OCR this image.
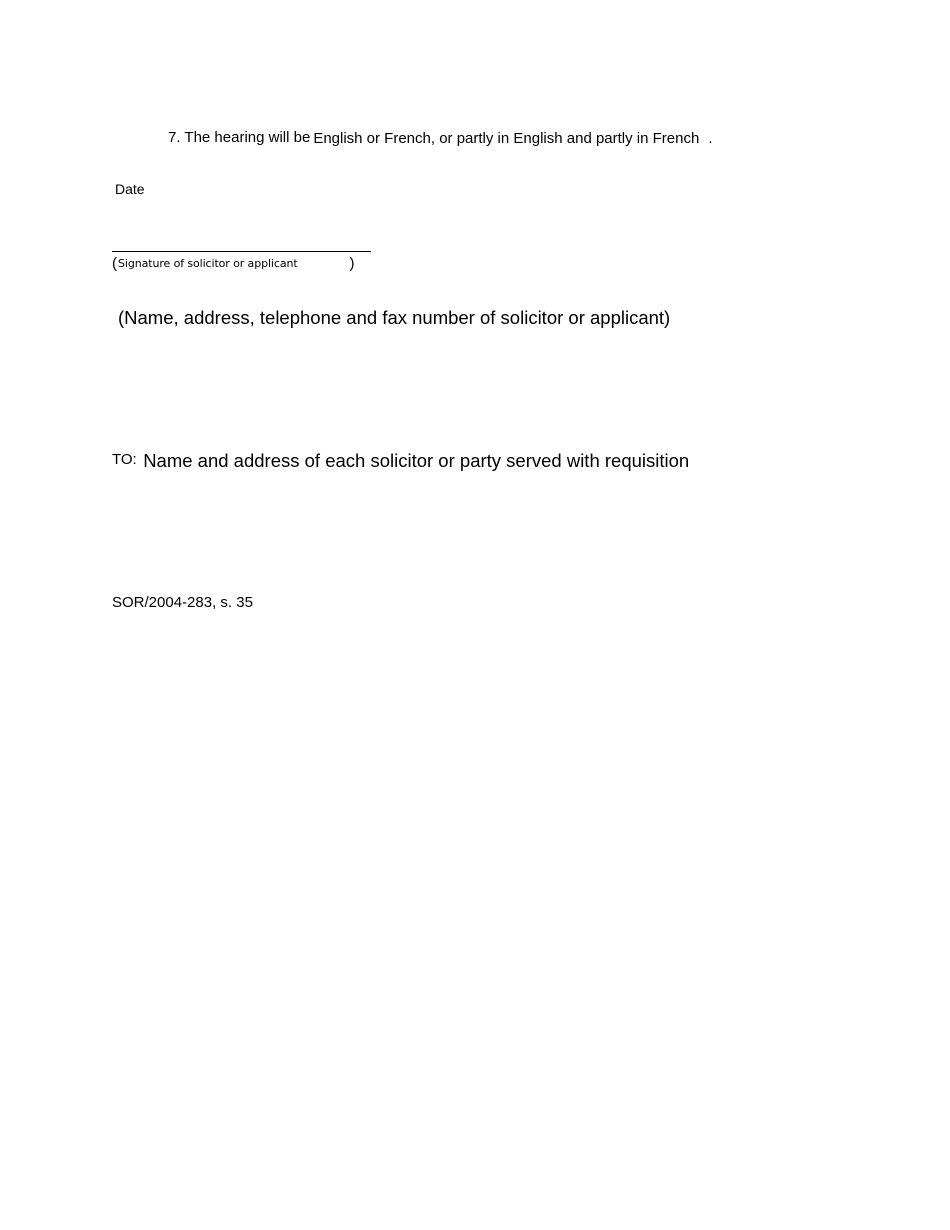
7. The hearing will be English or French, or partly in English and partly in French .
Date
(Signature of solicitor or applicant	)
(Name, address, telephone and fax number of solicitor or applicant)
TO: Name and address of each solicitor or party served with requisition
SOR/2004-283, s. 35
